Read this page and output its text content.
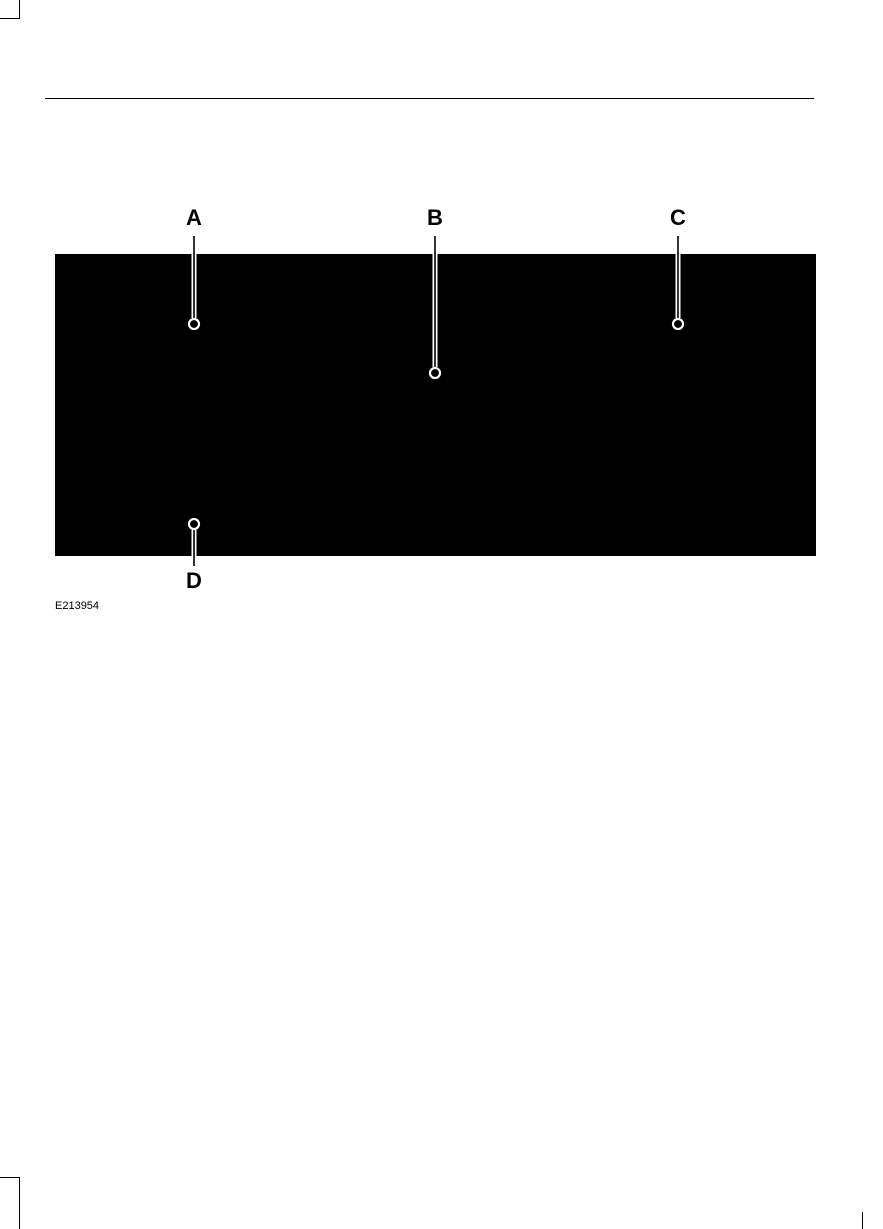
A	B	C
D
E213954
